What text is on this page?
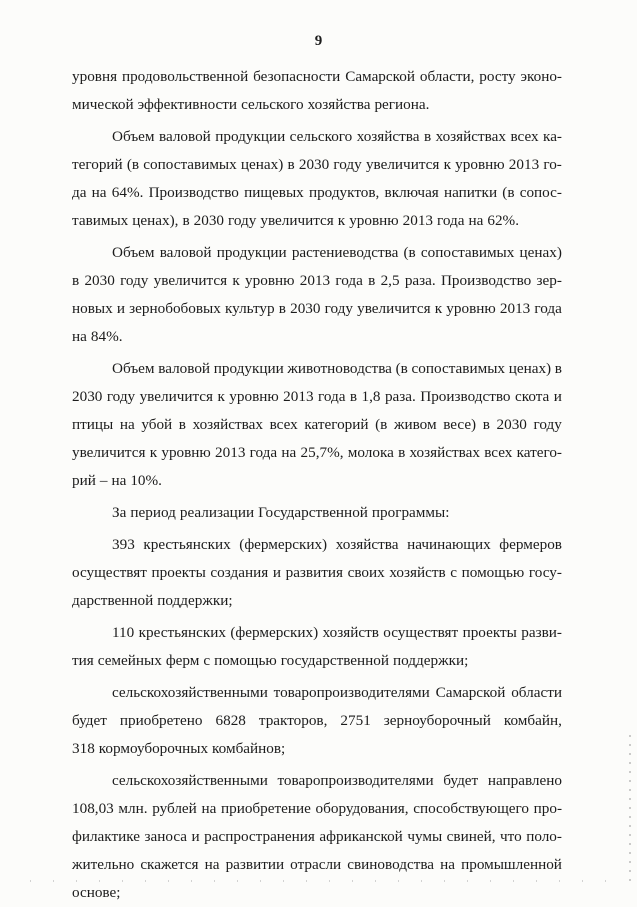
9
уровня продовольственной безопасности Самарской области, росту эконо-
мической эффективности сельского хозяйства региона.
Объем валовой продукции сельского хозяйства в хозяйствах всех ка-
тегорий (в сопоставимых ценах) в 2030 году увеличится к уровню 2013 го-
да на 64%. Производство пищевых продуктов, включая напитки (в сопос-
тавимых ценах), в 2030 году увеличится к уровню 2013 года на 62%.
Объем валовой продукции растениеводства (в сопоставимых ценах)
в 2030 году увеличится к уровню 2013 года в 2,5 раза. Производство зер-
новых и зернобобовых культур в 2030 году увеличится к уровню 2013 года
на 84%.
Объем валовой продукции животноводства (в сопоставимых ценах) в
2030 году увеличится к уровню 2013 года в 1,8 раза. Производство скота и
птицы на убой в хозяйствах всех категорий (в живом весе) в 2030 году
увеличится к уровню 2013 года на 25,7%, молока в хозяйствах всех катего-
рий – на 10%.
За период реализации Государственной программы:
393 крестьянских (фермерских) хозяйства начинающих фермеров
осуществят проекты создания и развития своих хозяйств с помощью госу-
дарственной поддержки;
110 крестьянских (фермерских) хозяйств осуществят проекты разви-
тия семейных ферм с помощью государственной поддержки;
сельскохозяйственными товаропроизводителями Самарской области
будет приобретено 6828 тракторов, 2751 зерноуборочный комбайн,
318 кормоуборочных комбайнов;
сельскохозяйственными товаропроизводителями будет направлено
108,03 млн. рублей на приобретение оборудования, способствующего про-
филактике заноса и распространения африканской чумы свиней, что поло-
жительно скажется на развитии отрасли свиноводства на промышленной
основе;
